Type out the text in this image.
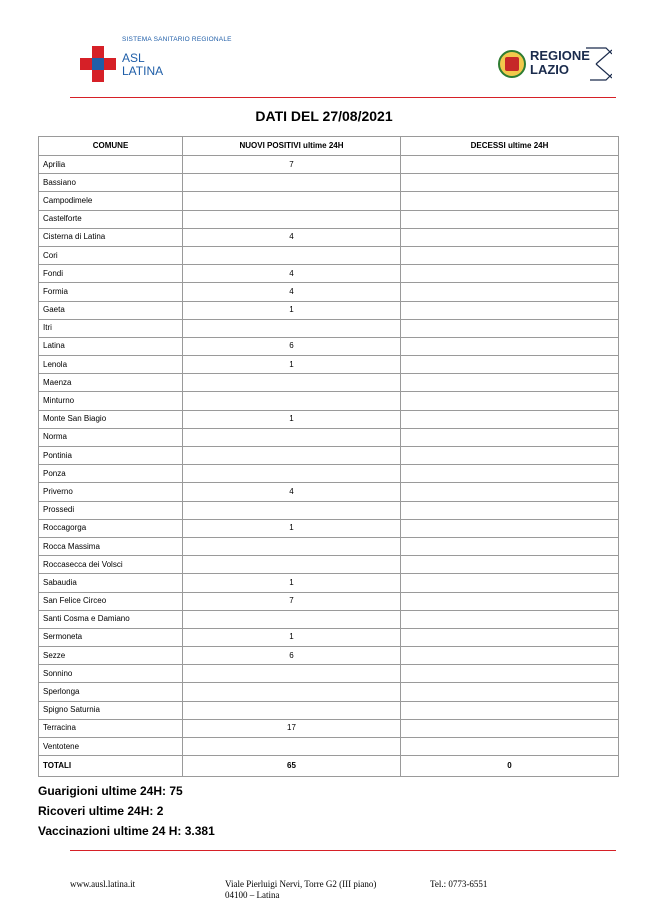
SISTEMA SANITARIO REGIONALE
ASL
LATINA
REGIONE
LAZIO
DATI DEL 27/08/2021
COMUNE	NUOVI POSITIVI ultime 24H	DECESSI ultime 24H
Aprilia	7	
Bassiano		
Campodimele		
Castelforte		
Cisterna di Latina	4	
Cori		
Fondi	4	
Formia	4	
Gaeta	1	
Itri		
Latina	6	
Lenola	1	
Maenza		
Minturno		
Monte San Biagio	1	
Norma		
Pontinia		
Ponza		
Priverno	4	
Prossedi		
Roccagorga	1	
Rocca Massima		
Roccasecca dei Volsci		
Sabaudia	1	
San Felice Circeo	7	
Santi Cosma e Damiano		
Sermoneta	1	
Sezze	6	
Sonnino		
Sperlonga		
Spigno Saturnia		
Terracina	17	
Ventotene		
TOTALI	65	0
Guarigioni ultime 24H: 75
Ricoveri ultime 24H: 2
Vaccinazioni ultime 24 H: 3.381
www.ausl.latina.it	Viale Pierluigi Nervi, Torre G2 (III piano)
04100 – Latina
Tel.: 0773-6551
